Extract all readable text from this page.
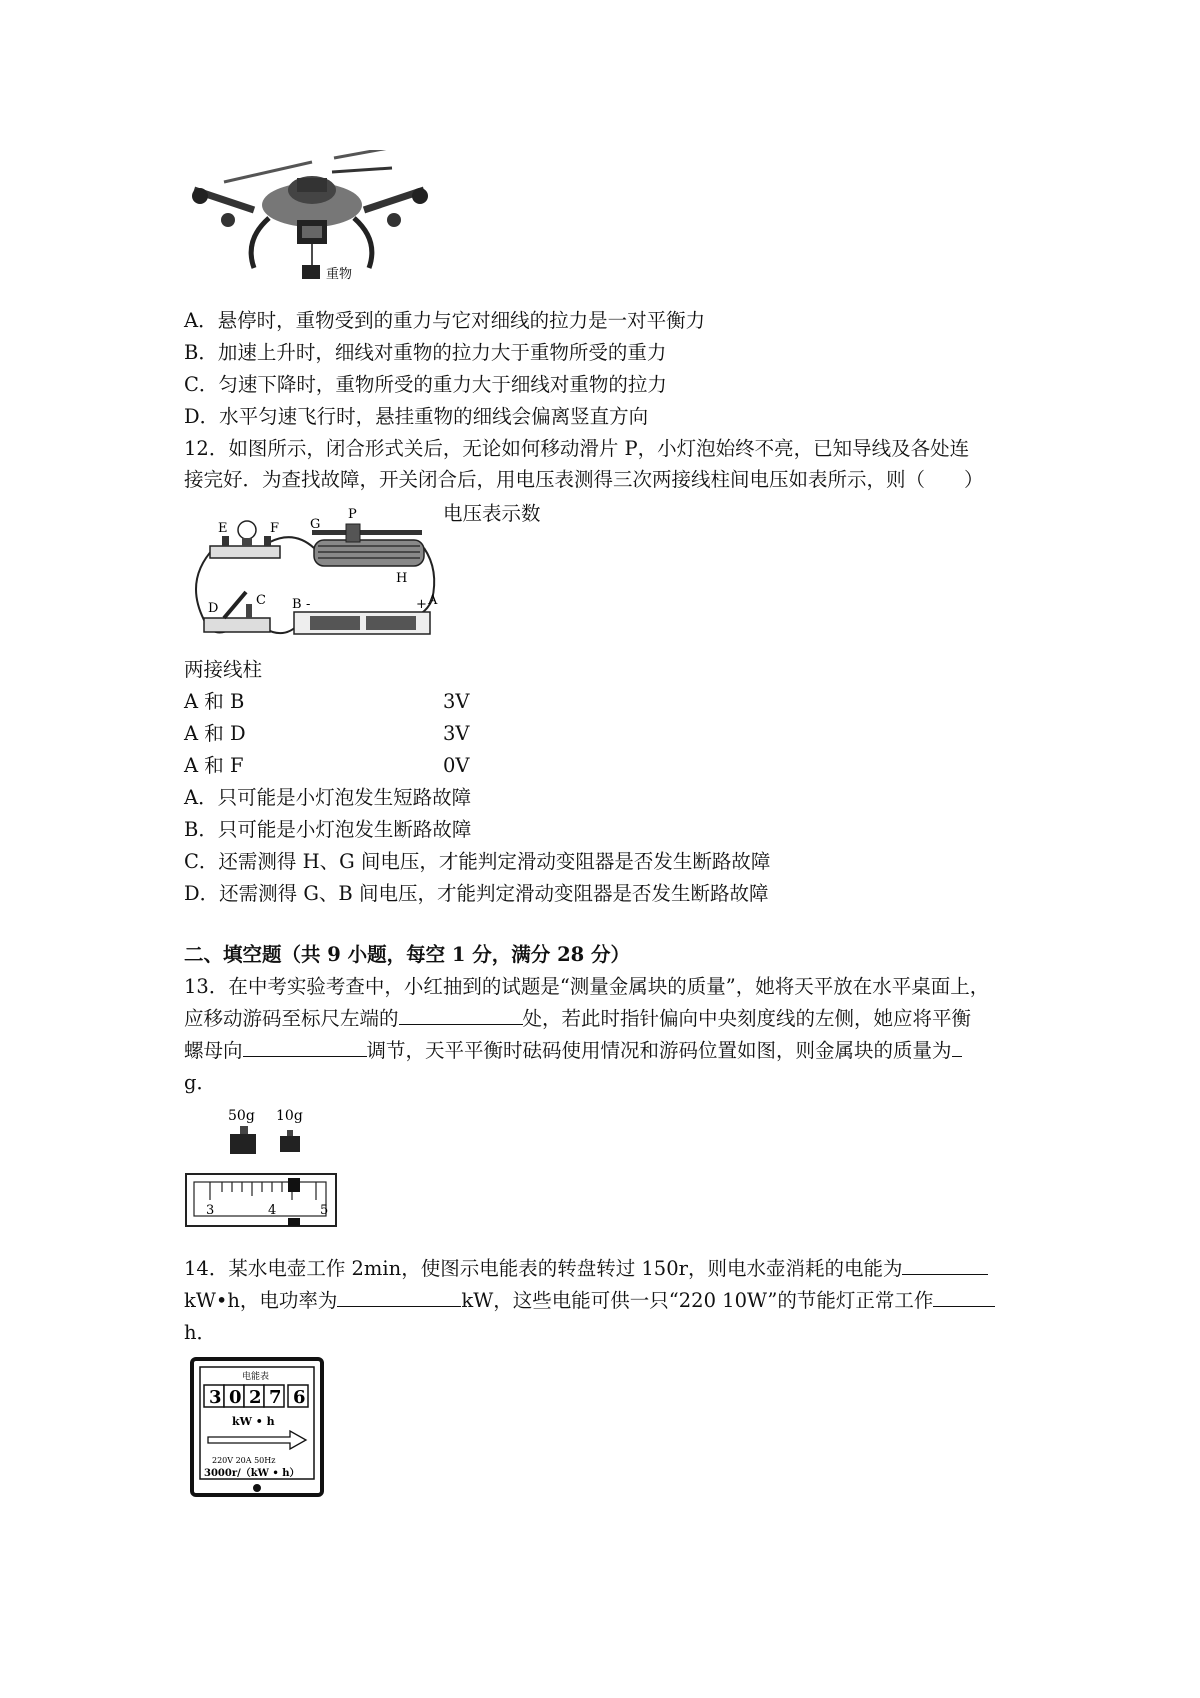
重物
A．悬停时，重物受到的重力与它对细线的拉力是一对平衡力
B．加速上升时，细线对重物的拉力大于重物所受的重力
C．匀速下降时，重物所受的重力大于细线对重物的拉力
D．水平匀速飞行时，悬挂重物的细线会偏离竖直方向
12．如图所示，闭合形式关后，无论如何移动滑片 P，小灯泡始终不亮，已知导线及各处连
接完好．为查找故障，开关闭合后，用电压表测得三次两接线柱间电压如表所示，则（　　）
E	F G
P
H
D
C B	A
-	+
电压表示数
两接线柱
A 和 B	3V
A 和 D	3V
A 和 F	0V
A．只可能是小灯泡发生短路故障
B．只可能是小灯泡发生断路故障
C．还需测得 H、G 间电压，才能判定滑动变阻器是否发生断路故障
D．还需测得 G、B 间电压，才能判定滑动变阻器是否发生断路故障
二、填空题（共 9 小题，每空 1 分，满分 28 分）
13．在中考实验考查中，小红抽到的试题是“测量金属块的质量”，她将天平放在水平桌面上，
应移动游码至标尺左端的	处，若此时指针偏向中央刻度线的左侧，她应将平衡
螺母向	调节，天平平衡时砝码使用情况和游码位置如图，则金属块的质量为
g．
50g 10g
3	4	5
14．某水电壶工作 2min，使图示电能表的转盘转过 150r，则电水壶消耗的电能为
kW•h，电功率为	kW，这些电能可供一只“220 10W”的节能灯正常工作
h．
电能表
3 0 2 7 6
kW • h
220V 20A 50Hz
3000r/（kW • h）
